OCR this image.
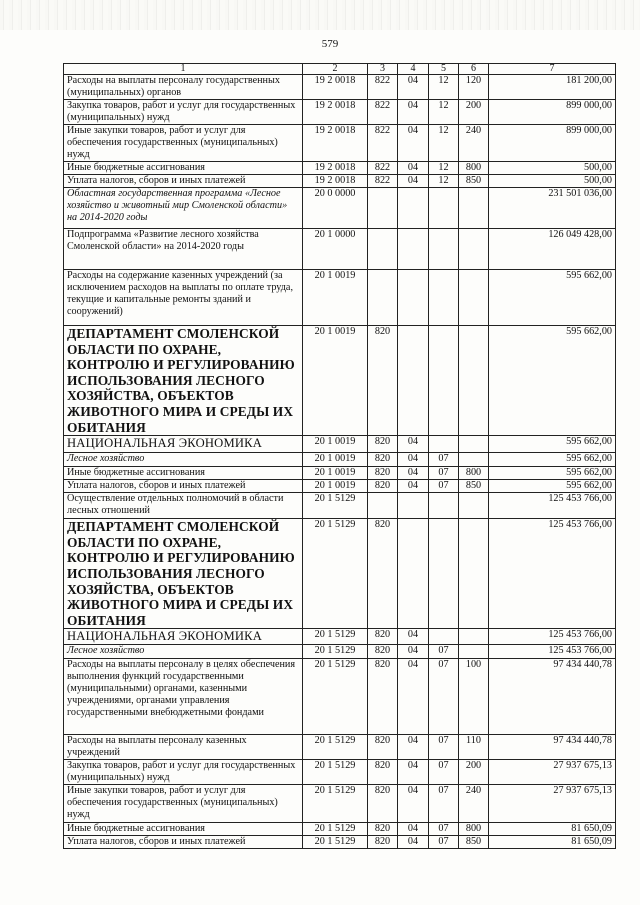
579
1	2	3	4	5	6	7
Расходы на выплаты персоналу государственных (муниципальных) органов	19 2 0018	822	04	12	120	181 200,00
Закупка товаров, работ и услуг для государственных (муниципальных) нужд	19 2 0018	822	04	12	200	899 000,00
Иные закупки товаров, работ и услуг для обеспечения государственных (муниципальных) нужд	19 2 0018	822	04	12	240	899 000,00
Иные бюджетные ассигнования	19 2 0018	822	04	12	800	500,00
Уплата налогов, сборов и иных платежей	19 2 0018	822	04	12	850	500,00
Областная государственная программа «Лесное хозяйство и животный мир Смоленской области» на 2014-2020 годы	20 0 0000					231 501 036,00
Подпрограмма «Развитие лесного хозяйства Смоленской области» на 2014-2020 годы	20 1 0000					126 049 428,00
Расходы на содержание казенных учреждений (за исключением расходов на выплаты по оплате труда, текущие и капитальные ремонты зданий и сооружений)	20 1 0019					595 662,00
ДЕПАРТАМЕНТ СМОЛЕНСКОЙ ОБЛАСТИ ПО ОХРАНЕ, КОНТРОЛЮ И РЕГУЛИРОВАНИЮ ИСПОЛЬЗОВАНИЯ ЛЕСНОГО ХОЗЯЙСТВА, ОБЪЕКТОВ ЖИВОТНОГО МИРА И СРЕДЫ ИХ ОБИТАНИЯ	20 1 0019	820				595 662,00
НАЦИОНАЛЬНАЯ ЭКОНОМИКА	20 1 0019	820	04			595 662,00
Лесное хозяйство	20 1 0019	820	04	07		595 662,00
Иные бюджетные ассигнования	20 1 0019	820	04	07	800	595 662,00
Уплата налогов, сборов и иных платежей	20 1 0019	820	04	07	850	595 662,00
Осуществление отдельных полномочий в области лесных отношений	20 1 5129					125 453 766,00
ДЕПАРТАМЕНТ СМОЛЕНСКОЙ ОБЛАСТИ ПО ОХРАНЕ, КОНТРОЛЮ И РЕГУЛИРОВАНИЮ ИСПОЛЬЗОВАНИЯ ЛЕСНОГО ХОЗЯЙСТВА, ОБЪЕКТОВ ЖИВОТНОГО МИРА И СРЕДЫ ИХ ОБИТАНИЯ	20 1 5129	820				125 453 766,00
НАЦИОНАЛЬНАЯ ЭКОНОМИКА	20 1 5129	820	04			125 453 766,00
Лесное хозяйство	20 1 5129	820	04	07		125 453 766,00
Расходы на выплаты персоналу в целях обеспечения выполнения функций государственными (муниципальными) органами, казенными учреждениями, органами управления государственными внебюджетными фондами	20 1 5129	820	04	07	100	97 434 440,78
Расходы на выплаты персоналу казенных учреждений	20 1 5129	820	04	07	110	97 434 440,78
Закупка товаров, работ и услуг для государственных (муниципальных) нужд	20 1 5129	820	04	07	200	27 937 675,13
Иные закупки товаров, работ и услуг для обеспечения государственных (муниципальных) нужд	20 1 5129	820	04	07	240	27 937 675,13
Иные бюджетные ассигнования	20 1 5129	820	04	07	800	81 650,09
Уплата налогов, сборов и иных платежей	20 1 5129	820	04	07	850	81 650,09
